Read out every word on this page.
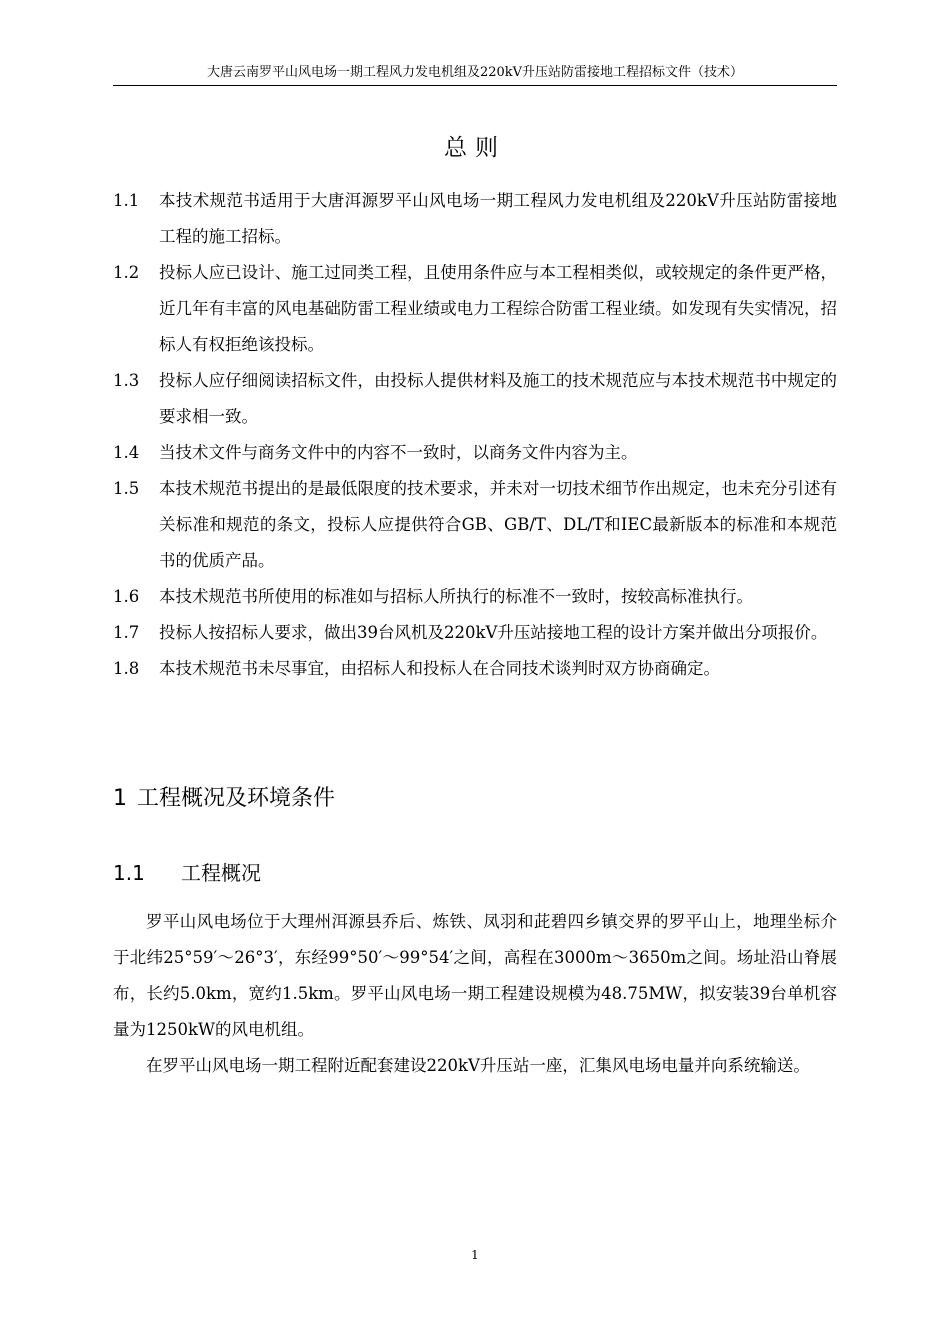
大唐云南罗平山风电场一期工程风力发电机组及220kV升压站防雷接地工程招标文件（技术）
总则
1.1	本技术规范书适用于大唐洱源罗平山风电场一期工程风力发电机组及220kV升压站防雷接地工程的施工招标。
1.2	投标人应已设计、施工过同类工程，且使用条件应与本工程相类似，或较规定的条件更严格，近几年有丰富的风电基础防雷工程业绩或电力工程综合防雷工程业绩。如发现有失实情况，招标人有权拒绝该投标。
1.3	投标人应仔细阅读招标文件，由投标人提供材料及施工的技术规范应与本技术规范书中规定的要求相一致。
1.4	当技术文件与商务文件中的内容不一致时，以商务文件内容为主。
1.5	本技术规范书提出的是最低限度的技术要求，并未对一切技术细节作出规定，也未充分引述有关标准和规范的条文，投标人应提供符合GB、GB/T、DL/T和IEC最新版本的标准和本规范书的优质产品。
1.6	本技术规范书所使用的标准如与招标人所执行的标准不一致时，按较高标准执行。
1.7	投标人按招标人要求，做出39台风机及220kV升压站接地工程的设计方案并做出分项报价。
1.8	本技术规范书未尽事宜，由招标人和投标人在合同技术谈判时双方协商确定。
1 工程概况及环境条件
1.1 工程概况

罗平山风电场位于大理州洱源县乔后、炼铁、凤羽和茈碧四乡镇交界的罗平山上，地理坐标介于北纬25°59′～26°3′，东经99°50′～99°54′之间，高程在3000m～3650m之间。场址沿山脊展布，长约5.0km，宽约1.5km。罗平山风电场一期工程建设规模为48.75MW，拟安装39台单机容量为1250kW的风电机组。

在罗平山风电场一期工程附近配套建设220kV升压站一座，汇集风电场电量并向系统输送。

1
